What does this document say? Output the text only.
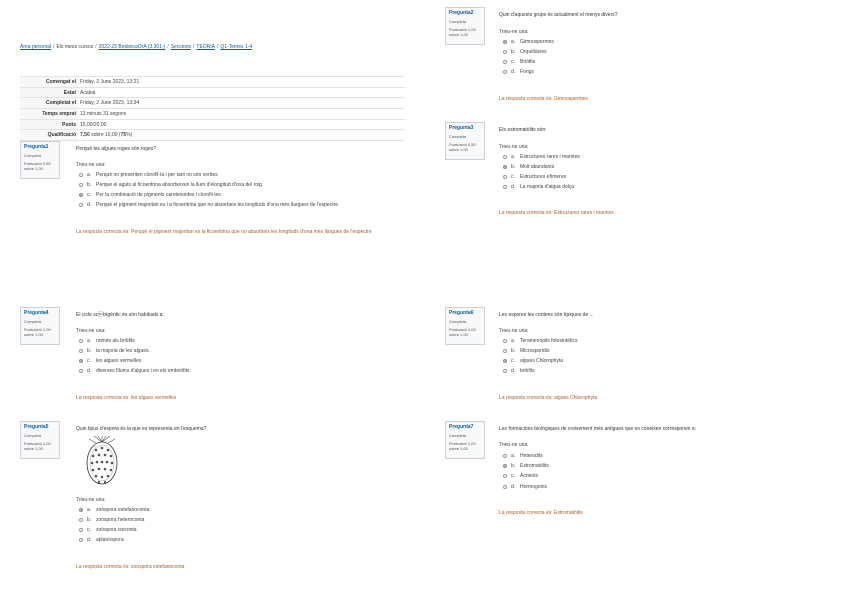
Àrea personal / Els meus cursos / 2022-23 BotànicaOrA (3.301-) / Seccions / TEORIA / Q1-Temes 1-4
Comengat el	Friday, 2 June 2023, 13:21
Estat	Acabat
Completat el	Friday, 2 June 2023, 13:34
Temps emprat	13 minuts 31 segons
Punts	15,00/20,00
Qualificació	7,50 sobre 10,00 (75%)
Pregunta1
Completa
Puntuació 0,50
sobre 1,00
Perquè les algues roges són roges?
Trieu-ne una:
a. Perquè no presenten clorofil·la i per tant no són verdes
b. Perquè el aguts al ficoeritrina absorbeixen la llum d'elongitud d'ona del roig
c.	Per la combinació de pigments carotenoides i clorofil·les
d. Perquè el pigment majoritari es l a ficoeritrina que no absorbeix les longituds d'ona més llargues de l'espectre
La resposta correcta és: Perquè el pigment majoritari es la ficoeritrina que no absorbeix les longituds d'ona més llargues de l'espectre
Pregunta2
Completa
Puntuació 1,00
sobre 1,00
Quin d'aquests grups és actualment el menys divers?
Trieu-ne una:
a. Gimnospermes
b. Orquidàcies
c.	Briòfits
d. Fongs
La resposta correcta és: Gimnospermes
Pregunta3
Completa
Puntuació 0,50
sobre 1,00
Els estromatòlits són:
Trieu-ne una:
a. Estructures rares i marines
b. Molt abundants
c.	Estructures efímeres
d. La majoria d'aigua dolça
La resposta correcta és: Estructures rares i marines
Pregunta4
Completa
Puntuació 1,00
sobre 1,00
El cicle sctrigèntic és són habituals a:
Trieu-ne una:
a. només als briòfits
b. la majoria de les algues.
c.	les algues vermelles
d. diverses fílums d'algues i en els embriòfits
La resposta correcta és: les algues vermelles
Pregunta5
Completa
Puntuació 1,00
sobre 1,00
Quin tipus d'espora és la que es representa en l'esquema?
Trieu-ne una:
a. zoòspora estefanoconta
b. zoòspora heteroconta
c.	zoòspora isoconta
d. aplanòspora
La resposta correcta és: zoòspora estefanoconta
Pregunta6
Completa
Puntuació 1,00
sobre 1,00
Les espores les contens són típiques de ...
Trieu-ne una:
a. Teramenòpils fotosintètics
b. Microsporidis
c.	algues Chlorophyta
d. briòfits
La resposta correcta és: algues Chlorophyta
Pregunta7
Completa
Puntuació 1,00
sobre 1,00
Les formacions biològiques de creixement més antigues que es coneixen corresponen a:
Trieu-ne una:
a. Heterodits
b. Estromatòlits
c.	Acrients
d. Hormogonis
La resposta correcta és: Estromatòlits
